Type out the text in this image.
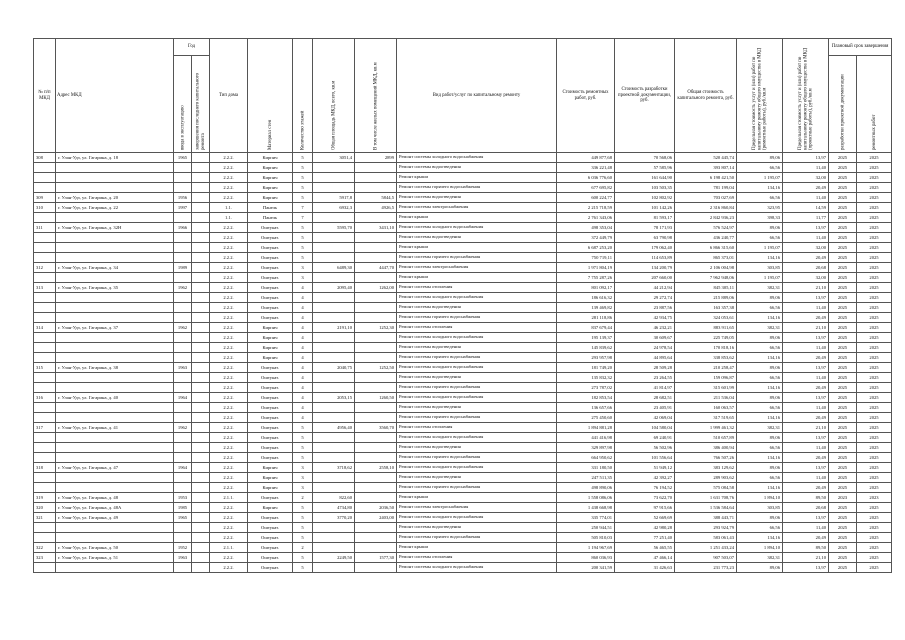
№ п/п МКД	Адрес МКД	Год		Тип дома	Материал стен	Количество этажей	Общая площадь МКД, всего, кв.м	В том числе жилых помещений МКД, кв.м	Вид работ/услуг по капитальному ремонту	Стоимость ремонтных работ, руб.	Стоимость разработки проектной документации, руб.	Общая стоимость капитального ремонта, руб.	Предельная стоимость услуг и (или) работ по капитальному ремонту общего имущества в МКД (ремонтные работы), руб./кв.м	Предельная стоимость услуг и (или) работ по капитальному ремонту общего имущества в МКД (проектные работы), руб./кв.м	Плановый срок завершения	
		ввода в эксплуатацию	завершения последнего капитального ремонта												разработки проектной документации	ремонтных работ
308	г. Улан-Удэ, ул. Гагарина, д. 18	1965		2.2.2.	Кирпич	5	3051,4	2899	Ремонт системы холодного водоснабжения	449 877,68	70 568,06	520 445,74	89,06	13,97	2025	2025
				2.2.2.	Кирпич	5			Ремонт системы водоотведения	336 221,48	57 585,96	393 807,14	66,56	11,40	2025	2025
				2.2.2.	Кирпич	5			Ремонт крыши	6 036 776,60	161 644,90	6 198 421,50	1 195,07	32,00	2025	2025
				2.2.2.	Кирпич	5			Ремонт системы горячего водоснабжения	677 695,82	103 503,35	781 199,04	134,16	20,49	2025	2025
309	г. Улан-Удэ, ул. Гагарина, д. 20	1956		2.2.2.	Кирпич	5	5917,8	5844,5	Ремонт системы водоотведения	600 224,77	102 802,92	703 027,69	66,56	11,40	2025	2025
310	г. Улан-Удэ, ул. Гагарина, д. 22	1997		1.1.	Панель	7	6932,3	4926,5	Ремонт системы электроснабжения	2 215 718,59	101 142,26	2 316 860,84	323,95	14,59	2025	2025
				1.1.	Панель	7			Ремонт крыши	2 761 343,06	81 593,17	2 842 936,23	398,33	11,77	2025	2025
311	г. Улан-Удэ, ул. Гагарина, д. 32Н	1966		2.2.2.	Оштукат.	5	5595,70	3431,10	Ремонт системы холодного водоснабжения	498 353,04	78 171,93	576 524,97	89,06	13,97	2025	2025
				2.2.2.	Оштукат.	5			Ремонт системы водоотведения	372 449,79	63 790,98	436 240,77	66,56	11,40	2025	2025
				2.2.2.	Оштукат.	5			Ремонт крыши	6 687 253,20	179 062,40	6 866 315,60	1 195,07	32,00	2025	2025
				2.2.2.	Оштукат.	5			Ремонт системы горячего водоснабжения	750 719,11	114 653,89	865 373,01	134,16	20,49	2025	2025
312	г. Улан-Удэ, ул. Гагарина, д. 34	1989		2.2.2.	Оштукат.	3	6489,30	4447,70	Ремонт системы электроснабжения	1 971 804,19	134 200,79	2 106 004,98	303,85	20,68	2025	2025
				2.2.2.	Оштукат.	3			Ремонт крыши	7 755 287,26	207 660,00	7 962 948,06	1 195,07	32,00	2025	2025
313	г. Улан-Удэ, ул. Гагарина, д. 35	1962		2.2.2.	Оштукат.	4	2095,40	1262,00	Ремонт системы отопления	801 092,17	44 212,94	845 305,11	382,31	21,10	2025	2025
				2.2.2.	Оштукат.	4			Ремонт системы холодного водоснабжения	186 616,32	29 272,74	215 889,06	89,06	13,97	2025	2025
				2.2.2.	Оштукат.	4			Ремонт системы водоотведения	139 469,82	23 887,56	163 357,38	66,56	11,40	2025	2025
				2.2.2.	Оштукат.	4			Ремонт системы горячего водоснабжения	281 118,86	42 934,75	324 053,61	134,16	20,49	2025	2025
314	г. Улан-Удэ, ул. Гагарина, д. 37	1962		2.2.2.	Кирпич	4	2191,10	1252,30	Ремонт системы отопления	837 679,44	46 232,21	883 911,65	382,31	21,10	2025	2025
				2.2.2.	Кирпич	4			Ремонт системы холодного водоснабжения	195 139,37	30 609,67	225 749,05	89,06	13,97	2025	2025
				2.2.2.	Кирпич	4			Ремонт системы водоотведения	145 839,62	24 978,54	170 818,16	66,56	11,40	2025	2025
				2.2.2.	Кирпич	4			Ремонт системы горячего водоснабжения	293 957,98	44 895,64	338 853,62	134,16	20,49	2025	2025
315	г. Улан-Удэ, ул. Гагарина, д. 38	1963		2.2.2.	Оштукат.	4	2040,75	1252,50	Ремонт системы холодного водоснабжения	181 749,20	28 509,28	210 258,47	89,06	13,97	2025	2025
				2.2.2.	Оштукат.	4			Ремонт системы водоотведения	135 832,32	23 264,55	159 096,87	66,56	11,40	2025	2025
				2.2.2.	Оштукат.	4			Ремонт системы горячего водоснабжения	273 787,02	41 814,97	315 601,99	134,16	20,49	2025	2025
316	г. Улан-Удэ, ул. Гагарина, д. 40	1964		2.2.2.	Оштукат.	4	2053,15	1260,50	Ремонт системы холодного водоснабжения	182 853,54	28 682,51	211 536,04	89,06	13,97	2025	2025
				2.2.2.	Оштукат.	4			Ремонт системы водоотведения	136 657,66	23 405,91	160 063,57	66,56	11,40	2025	2025
				2.2.2.	Оштукат.	4			Ремонт системы горячего водоснабжения	275 450,60	42 069,04	317 519,65	134,16	20,49	2025	2025
317	г. Улан-Удэ, ул. Гагарина, д. 41	1962		2.2.2.	Оштукат.	5	4956,40	3560,70	Ремонт системы отопления	1 894 881,28	104 580,04	1 999 461,32	382,31	21,10	2025	2025
				2.2.2.	Оштукат.	5			Ремонт системы холодного водоснабжения	441 416,98	69 240,91	510 657,89	89,06	13,97	2025	2025
				2.2.2.	Оштукат.	5			Ремонт системы водоотведения	329 897,98	56 502,96	386 400,94	66,56	11,40	2025	2025
				2.2.2.	Оштукат.	5			Ремонт системы горячего водоснабжения	664 950,62	101 556,64	766 507,26	134,16	20,49	2025	2025
318	г. Улан-Удэ, ул. Гагарина, д. 47	1964		2.2.2.	Кирпич	3	3718,62	2558,10	Ремонт системы холодного водоснабжения	331 180,50	51 949,12	383 129,62	89,06	13,97	2025	2025
				2.2.2.	Кирпич	3			Ремонт системы водоотведения	247 511,35	42 392,27	289 903,62	66,56	11,40	2025	2025
				2.2.2.	Кирпич	3			Ремонт системы горячего водоснабжения	498 890,06	76 194,52	575 084,58	134,16	20,49	2025	2025
319	г. Улан-Удэ, ул. Гагарина, д. 48	1953		2.1.1.	Оштукат.	2	822,60		Ремонт крыши	1 558 086,06	73 622,70	1 631 708,76	1 894,10	89,50	2023	2023
320	г. Улан-Удэ, ул. Гагарина, д. 48А	1985		2.2.2.	Кирпич	5	4734,80	2036,50	Ремонт системы электроснабжения	1 438 668,98	97 915,66	1 536 584,64	303,85	20,68	2025	2025
321	г. Улан-Удэ, ул. Гагарина, д. 49	1965		2.2.2.	Оштукат.	5	3770,20	2403,00	Ремонт системы холодного водоснабжения	335 774,01	52 669,69	388 443,71	89,06	13,97	2025	2025
				2.2.2.	Оштукат.	5			Ремонт системы водоотведения	250 944,51	42 980,28	293 924,79	66,56	11,40	2025	2025
				2.2.2.	Оштукат.	5			Ремонт системы горячего водоснабжения	505 810,03	77 251,40	583 061,43	134,16	20,49	2025	2025
322	г. Улан-Удэ, ул. Гагарина, д. 50	1952		2.1.1.	Оштукат.	2			Ремонт крыши	1 194 967,69	56 465,55	1 251 433,24	1 894,10	89,50	2025	2025
323	г. Улан-Удэ, ул. Гагарина, д. 51	1963		2.2.2.	Оштукат.	5	2249,50	1577,30	Ремонт системы отопления	860 036,93	47 466,14	907 503,07	382,31	21,10	2025	2025
				2.2.2.	Оштукат.	5			Ремонт системы холодного водоснабжения	200 341,59	31 426,63	231 773,23	89,06	13,97	2025	2025
